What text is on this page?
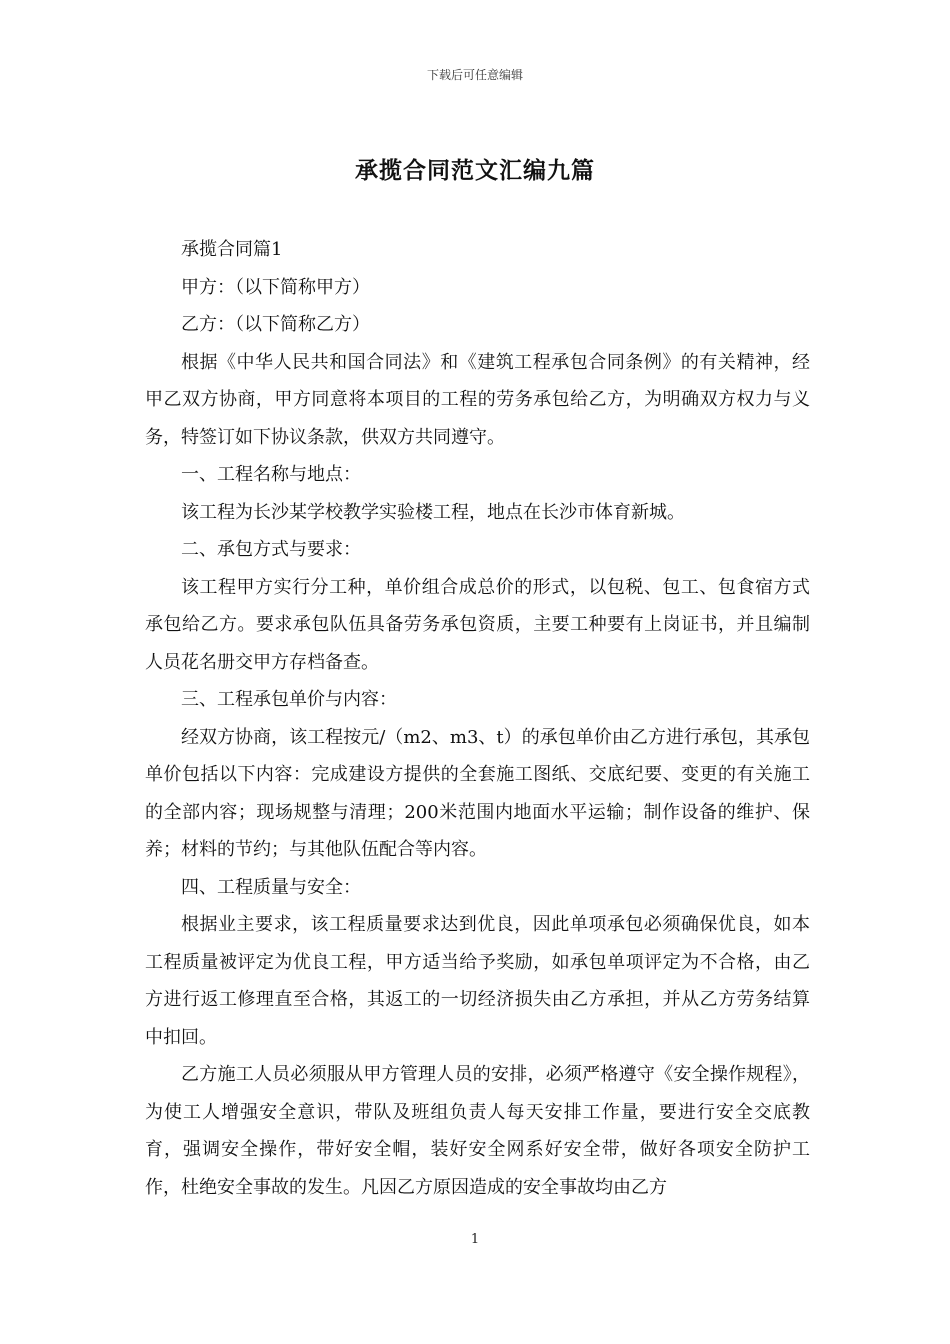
下载后可任意编辑
承揽合同范文汇编九篇

承揽合同篇1

甲方：（以下简称甲方）

乙方：（以下简称乙方）

根据《中华人民共和国合同法》和《建筑工程承包合同条例》的有关精神，经甲乙双方协商，甲方同意将本项目的工程的劳务承包给乙方，为明确双方权力与义务，特签订如下协议条款，供双方共同遵守。

一、工程名称与地点：

该工程为长沙某学校教学实验楼工程，地点在长沙市体育新城。

二、承包方式与要求：

该工程甲方实行分工种，单价组合成总价的形式，以包税、包工、包食宿方式承包给乙方。要求承包队伍具备劳务承包资质，主要工种要有上岗证书，并且编制人员花名册交甲方存档备查。

三、工程承包单价与内容：

经双方协商，该工程按元/（m2、m3、t）的承包单价由乙方进行承包，其承包单价包括以下内容：完成建设方提供的全套施工图纸、交底纪要、变更的有关施工的全部内容；现场规整与清理；200米范围内地面水平运输；制作设备的维护、保养；材料的节约；与其他队伍配合等内容。

四、工程质量与安全：

根据业主要求，该工程质量要求达到优良，因此单项承包必须确保优良，如本工程质量被评定为优良工程，甲方适当给予奖励，如承包单项评定为不合格，由乙方进行返工修理直至合格，其返工的一切经济损失由乙方承担，并从乙方劳务结算中扣回。

乙方施工人员必须服从甲方管理人员的安排，必须严格遵守《安全操作规程》，为使工人增强安全意识，带队及班组负责人每天安排工作量，要进行安全交底教育，强调安全操作，带好安全帽，装好安全网系好安全带，做好各项安全防护工作，杜绝安全事故的发生。凡因乙方原因造成的安全事故均由乙方

1
